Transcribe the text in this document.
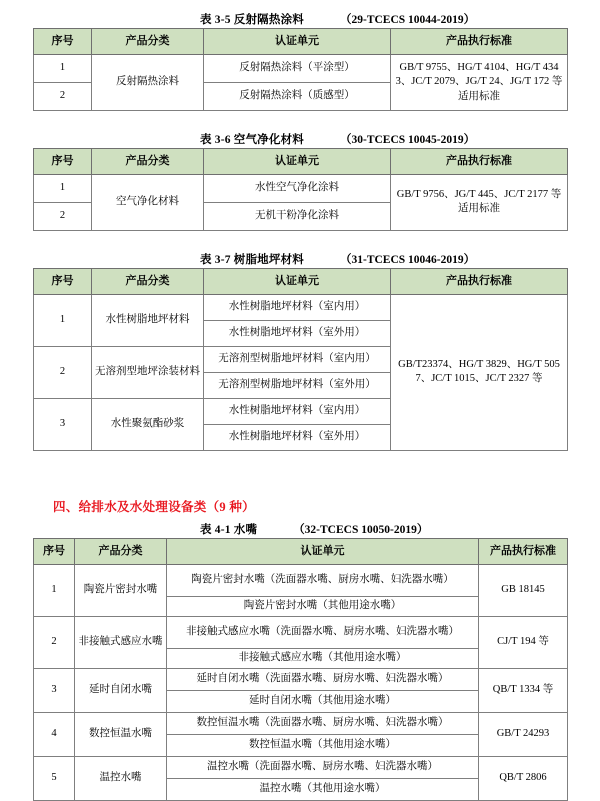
表 3-5 反射隔热涂料	（29-TCECS 10044-2019）
序号	产品分类	认证单元	产品执行标准
1	反射隔热涂料	反射隔热涂料（平涂型）	GB/T 9755、HG/T 4104、HG/T 4343、JC/T 2079、JG/T 24、JG/T 172 等适用标准
2		反射隔热涂料（质感型）	
表 3-6 空气净化材料	（30-TCECS 10045-2019）
序号	产品分类	认证单元	产品执行标准
1	空气净化材料	水性空气净化涂料	GB/T 9756、JG/T 445、JC/T 2177 等适用标准
2		无机干粉净化涂料	
表 3-7 树脂地坪材料	（31-TCECS 10046-2019）
序号	产品分类	认证单元	产品执行标准
1	水性树脂地坪材料	水性树脂地坪材料（室内用）	GB/T23374、HG/T 3829、HG/T 5057、JC/T 1015、JC/T 2327 等
		水性树脂地坪材料（室外用）	
2	无溶剂型地坪涂装材料	无溶剂型树脂地坪材料（室内用）	
		无溶剂型树脂地坪材料（室外用）	
3	水性聚氨酯砂浆	水性树脂地坪材料（室内用）	
		水性树脂地坪材料（室外用）	
四、给排水及水处理设备类（9 种）
表 4-1 水嘴	（32-TCECS 10050-2019）
序号	产品分类	认证单元	产品执行标准
1	陶瓷片密封水嘴	陶瓷片密封水嘴（洗面器水嘴、厨房水嘴、妇洗器水嘴）	GB 18145
		陶瓷片密封水嘴（其他用途水嘴）	
2	非接触式感应水嘴	非接触式感应水嘴（洗面器水嘴、厨房水嘴、妇洗器水嘴）	CJ/T 194 等
		非接触式感应水嘴（其他用途水嘴）	
3	延时自闭水嘴	延时自闭水嘴（洗面器水嘴、厨房水嘴、妇洗器水嘴）	QB/T 1334 等
		延时自闭水嘴（其他用途水嘴）	
4	数控恒温水嘴	数控恒温水嘴（洗面器水嘴、厨房水嘴、妇洗器水嘴）	GB/T 24293
		数控恒温水嘴（其他用途水嘴）	
5	温控水嘴	温控水嘴（洗面器水嘴、厨房水嘴、妇洗器水嘴）	QB/T 2806
		温控水嘴（其他用途水嘴）	
